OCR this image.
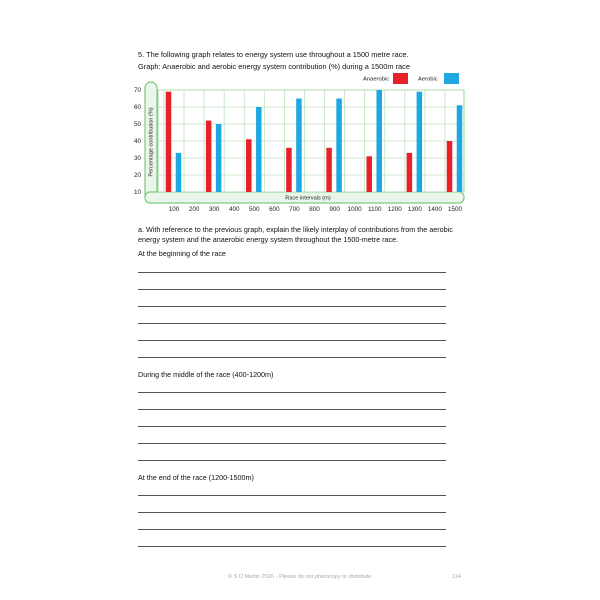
5. The following graph relates to energy system use throughout a 1500 metre race.
Graph: Anaerobic and aerobic energy system contribution (%) during a 1500m race
10
20
30
40
50
60
70
100 200 300 400 500 600 700 800 900 1000 1100 1200 1300 1400 1500
Race intervals (m)
Percentage contribution (%)
Anaerobic	Aerobic
a. With reference to the previous graph, explain the likely interplay of contributions from the aerobic energy system and the anaerobic energy system throughout the 1500-metre race.
At the beginning of the race
During the middle of the race (400-1200m)
At the end of the race (1200-1500m)
© S D Martin 2026 - Please do not photocopy or distribute	114
